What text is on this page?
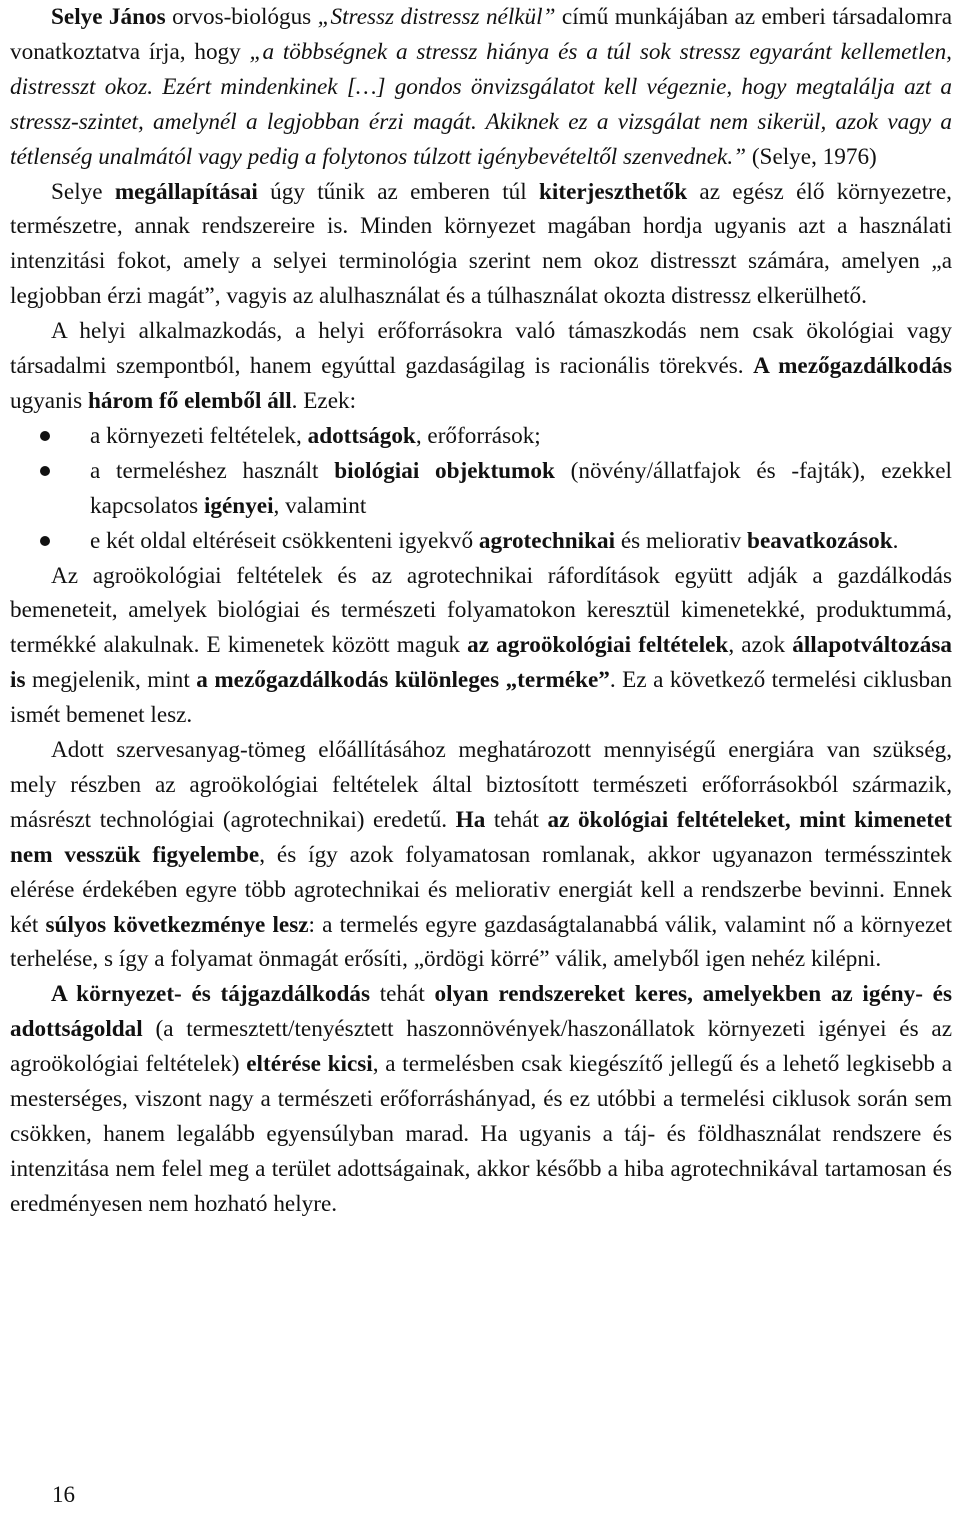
Selye János orvos-biológus „Stressz distressz nélkül” című munkájában az emberi társadalomra vonatkoztatva írja, hogy „a többségnek a stressz hiánya és a túl sok stressz egyaránt kellemetlen, distresszt okoz. Ezért mindenkinek […] gondos önvizsgálatot kell végeznie, hogy megtalálja azt a stressz-szintet, amelynél a legjobban érzi magát. Akiknek ez a vizsgálat nem sikerül, azok vagy a tétlenség unalmától vagy pedig a folytonos túlzott igénybevételtől szenvednek.” (Selye, 1976)

Selye megállapításai úgy tűnik az emberen túl kiterjeszthetők az egész élő környezetre, természetre, annak rendszereire is. Minden környezet magában hordja ugyanis azt a használati intenzitási fokot, amely a selyei terminológia szerint nem okoz distresszt számára, amelyen „a legjobban érzi magát”, vagyis az alulhasználat és a túlhasználat okozta distressz elkerülhető.

A helyi alkalmazkodás, a helyi erőforrásokra való támaszkodás nem csak ökológiai vagy társadalmi szempontból, hanem egyúttal gazdaságilag is racionális törekvés. A mezőgazdálkodás ugyanis három fő elemből áll. Ezek:

a környezeti feltételek, adottságok, erőforrások;
a termeléshez használt biológiai objektumok (növény/állatfajok és -fajták), ezekkel kapcsolatos igényei, valamint
e két oldal eltéréseit csökkenteni igyekvő agrotechnikai és meliorativ beavatkozások.

Az agroökológiai feltételek és az agrotechnikai ráfordítások együtt adják a gazdálkodás bemeneteit, amelyek biológiai és természeti folyamatokon keresztül kimenetekké, produktummá, termékké alakulnak. E kimenetek között maguk az agroökológiai feltételek, azok állapotváltozása is megjelenik, mint a mezőgazdálkodás különleges „terméke”. Ez a következő termelési ciklusban ismét bemenet lesz.

Adott szervesanyag-tömeg előállításához meghatározott mennyiségű energiára van szükség, mely részben az agroökológiai feltételek által biztosított természeti erőforrásokból származik, másrészt technológiai (agrotechnikai) eredetű. Ha tehát az ökológiai feltételeket, mint kimenetet nem vesszük figyelembe, és így azok folyamatosan romlanak, akkor ugyanazon termésszintek elérése érdekében egyre több agrotechnikai és meliorativ energiát kell a rendszerbe bevinni. Ennek két súlyos következménye lesz: a termelés egyre gazdaságtalanabbá válik, valamint nő a környezet terhelése, s így a folyamat önmagát erősíti, „ördögi körré” válik, amelyből igen nehéz kilépni.

A környezet- és tájgazdálkodás tehát olyan rendszereket keres, amelyekben az igény- és adottságoldal (a termesztett/tenyésztett haszonnövények/haszonállatok környezeti igényei és az agroökológiai feltételek) eltérése kicsi, a termelésben csak kiegészítő jellegű és a lehető legkisebb a mesterséges, viszont nagy a természeti erőforráshányad, és ez utóbbi a termelési ciklusok során sem csökken, hanem legalább egyensúlyban marad. Ha ugyanis a táj- és földhasználat rendszere és intenzitása nem felel meg a terület adottságainak, akkor később a hiba agrotechnikával tartamosan és eredményesen nem hozható helyre.

16
